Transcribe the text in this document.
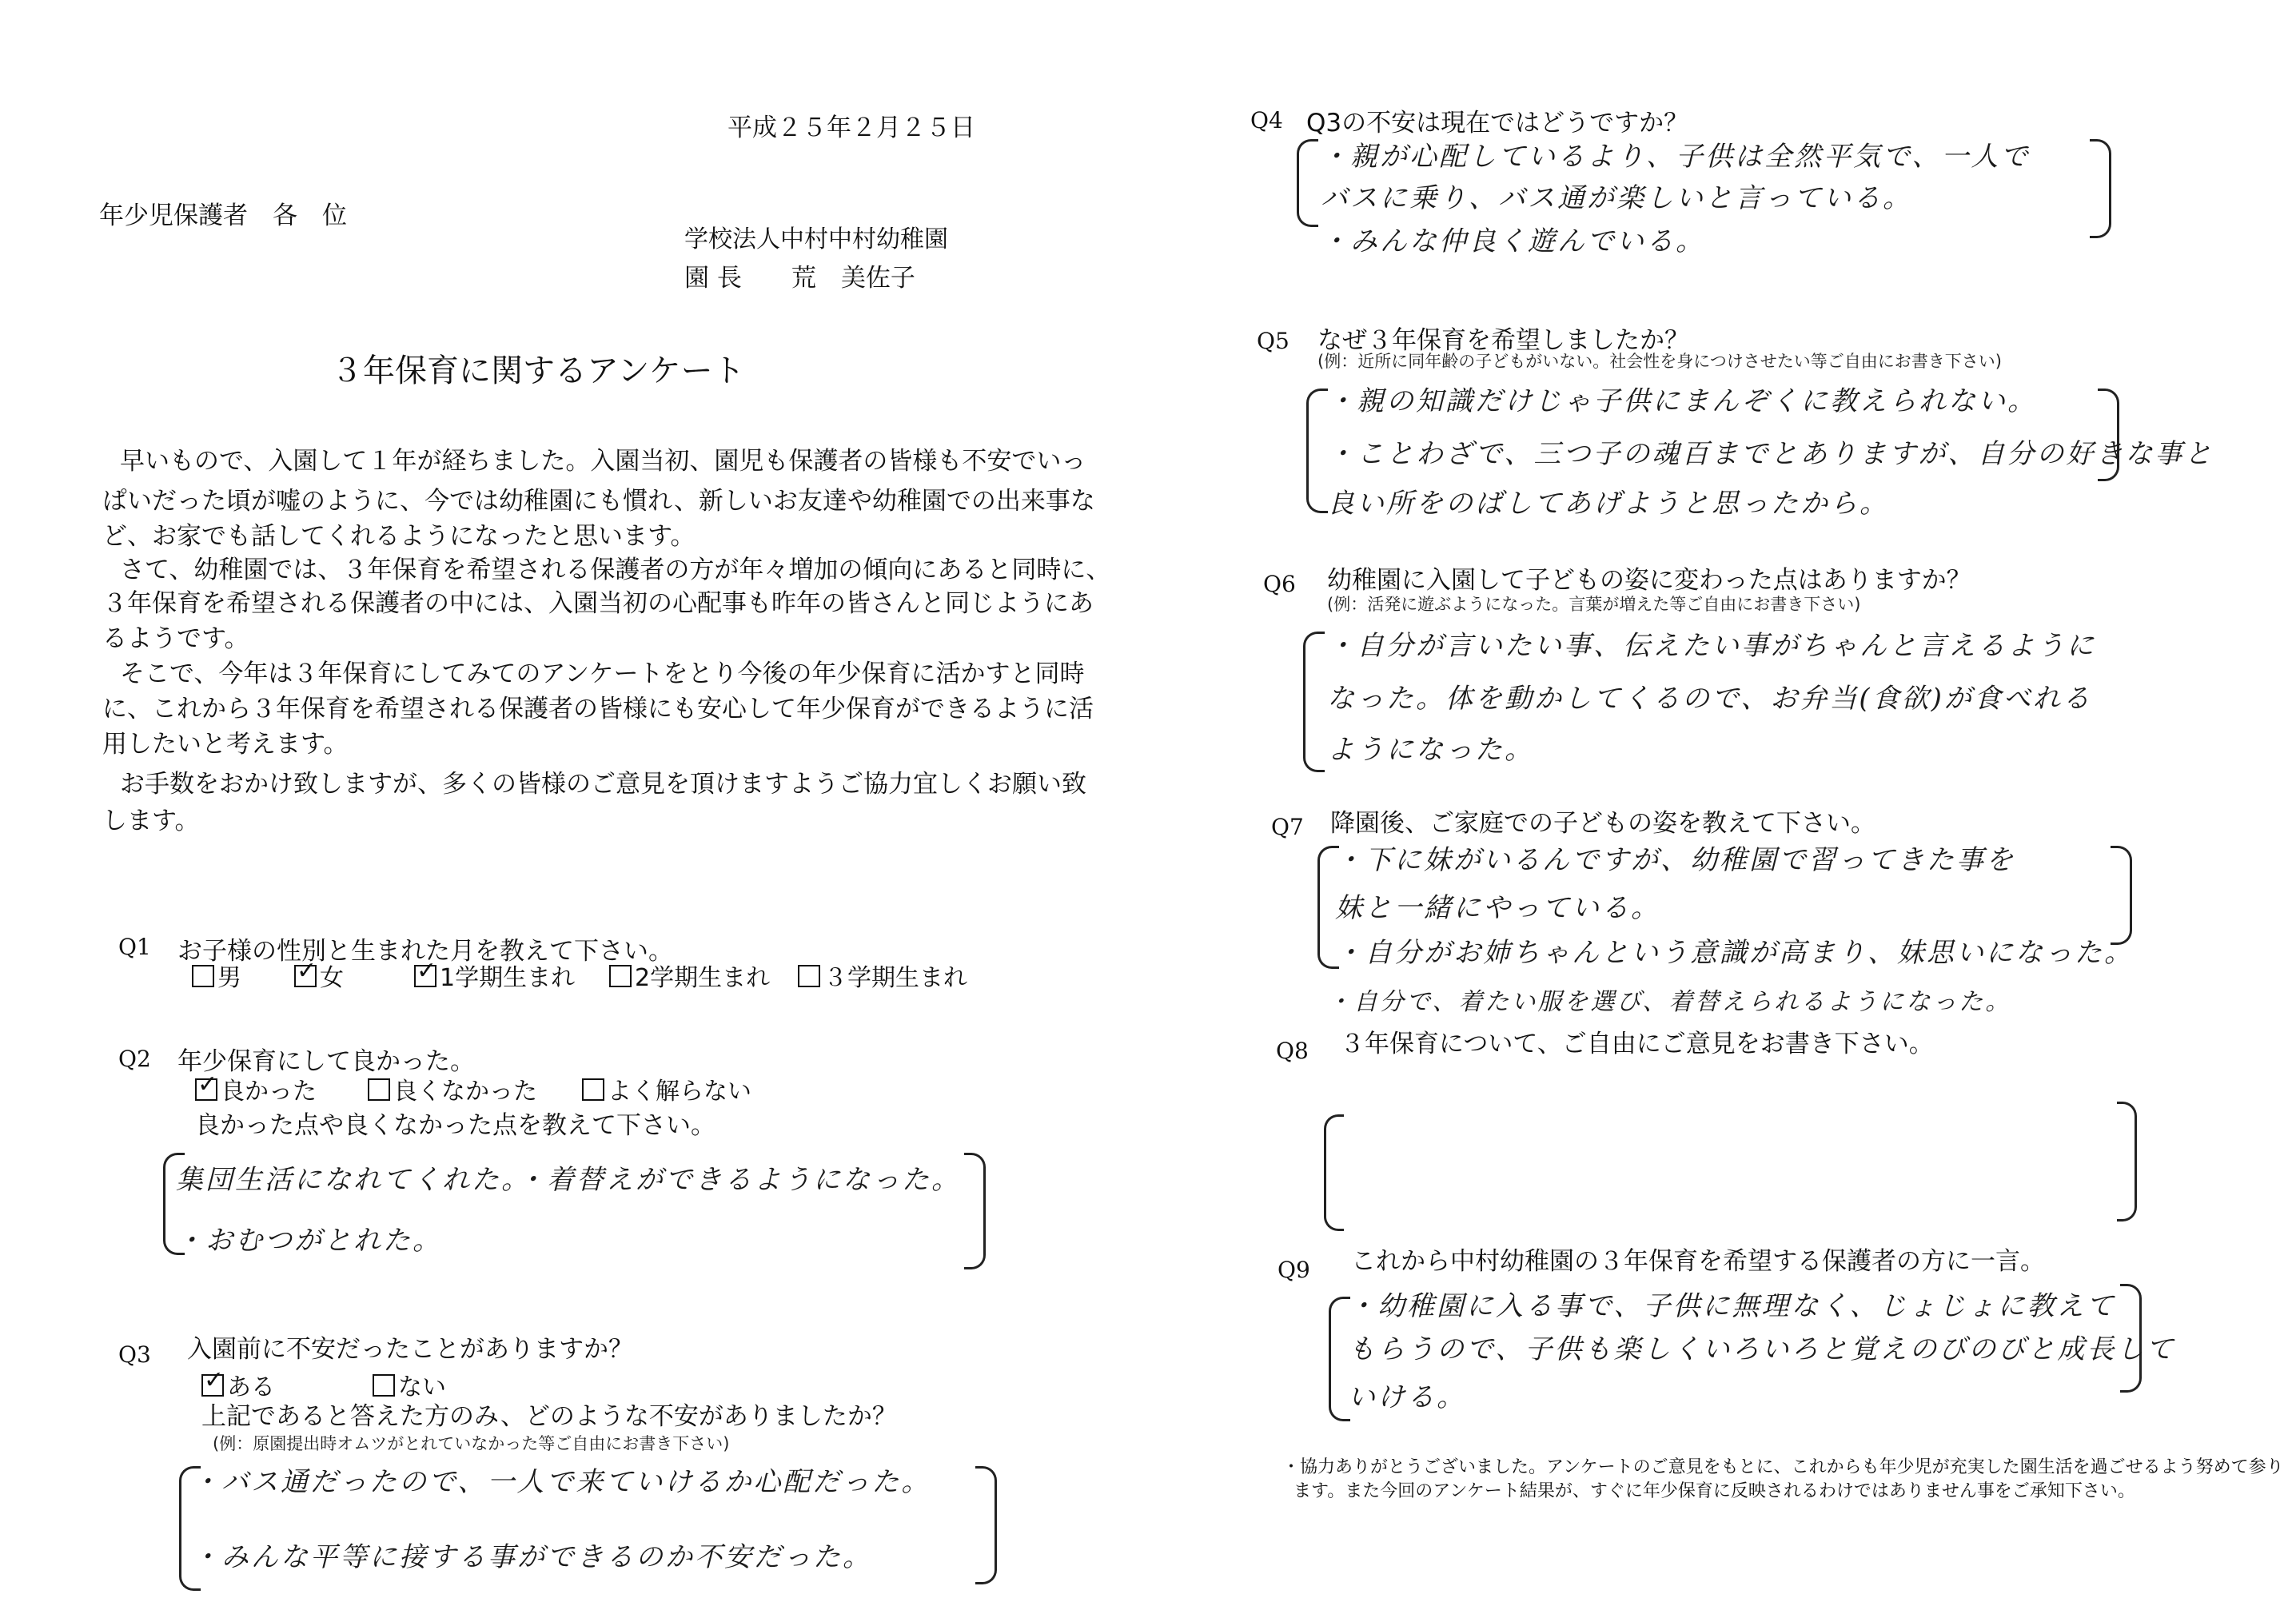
平成２５年２月２５日
年少児保護者　各　位
学校法人中村中村幼稚園
園 長　　荒　美佐子
３年保育に関するアンケート
早いもので、入園して１年が経ちました。入園当初、園児も保護者の皆様も不安でいっ
ぱいだった頃が嘘のように、今では幼稚園にも慣れ、新しいお友達や幼稚園での出来事な
ど、お家でも話してくれるようになったと思います。
さて、幼稚園では、３年保育を希望される保護者の方が年々増加の傾向にあると同時に、
３年保育を希望される保護者の中には、入園当初の心配事も昨年の皆さんと同じようにあ
るようです。
そこで、今年は３年保育にしてみてのアンケートをとり今後の年少保育に活かすと同時
に、これから３年保育を希望される保護者の皆様にも安心して年少保育ができるように活
用したいと考えます。
お手数をおかけ致しますが、多くの皆様のご意見を頂けますようご協力宜しくお願い致
します。
Q1 お子様の性別と生まれた月を教えて下さい。
男 ✓	女 ✓	1学期生まれ	2学期生まれ	３学期生まれ
Q2 年少保育にして良かった。
✓良かった	良くなかった	よく解らない
良かった点や良くなかった点を教えて下さい。
集団生活になれてくれた。・着替えができるようになった。
・おむつがとれた。
Q3 入園前に不安だったことがありますか？
✓ある	ない
上記であると答えた方のみ、どのような不安がありましたか？
(例：原園提出時オムツがとれていなかった等ご自由にお書き下さい)
・バス通だったので、一人で来ていけるか心配だった。
・みんな平等に接する事ができるのか不安だった。
Q4 Q3の不安は現在ではどうですか？
・親が心配しているより、子供は全然平気で、一人で
バスに乗り、バス通が楽しいと言っている。
・みんな仲良く遊んでいる。
Q5 なぜ３年保育を希望しましたか？
(例：近所に同年齢の子どもがいない。社会性を身につけさせたい等ご自由にお書き下さい)
・親の知識だけじゃ子供にまんぞくに教えられない。
・ことわざで、三つ子の魂百までとありますが、自分の好きな事と
良い所をのばしてあげようと思ったから。
Q6 幼稚園に入園して子どもの姿に変わった点はありますか？
(例：活発に遊ぶようになった。言葉が増えた等ご自由にお書き下さい)
・自分が言いたい事、伝えたい事がちゃんと言えるように
なった。体を動かしてくるので、お弁当(食欲)が食べれる
ようになった。
Q7 降園後、ご家庭での子どもの姿を教えて下さい。
・下に妹がいるんですが、幼稚園で習ってきた事を
妹と一緒にやっている。
・自分がお姉ちゃんという意識が高まり、妹思いになった。
・自分で、着たい服を選び、着替えられるようになった。
Q8 ３年保育について、ご自由にご意見をお書き下さい。
Q9 これから中村幼稚園の３年保育を希望する保護者の方に一言。
・幼稚園に入る事で、子供に無理なく、じょじょに教えて
もらうので、子供も楽しくいろいろと覚えのびのびと成長して
いける。
・協力ありがとうございました。アンケートのご意見をもとに、これからも年少児が充実した園生活を過ごせるよう努めて参り
ます。また今回のアンケート結果が、すぐに年少保育に反映されるわけではありません事をご承知下さい。
